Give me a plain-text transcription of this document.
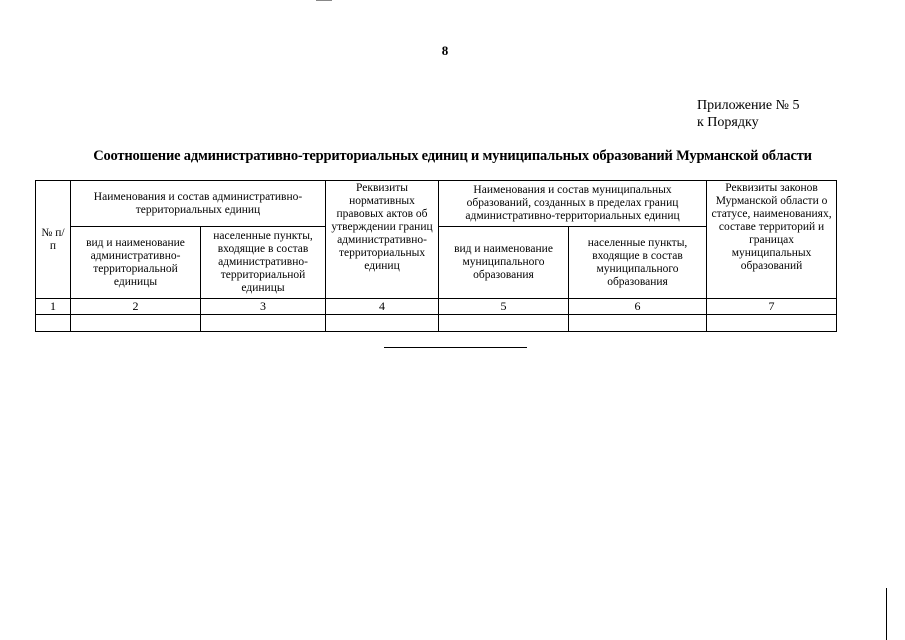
8
Приложение № 5
к Порядку
Соотношение административно-территориальных единиц и муниципальных образований Мурманской области
№ п/п	Наименования и состав административно-территориальных единиц		Реквизиты нормативных правовых актов об утверждении границ административно-территориальных единиц	Наименования и состав муниципальных образований, созданных в пределах границ административно-территориальных единиц		Реквизиты законов Мурманской области о статусе, наименованиях, составе территорий и границах муниципальных образований
	вид и наименование административно-территориальной единицы	населенные пункты, входящие в состав административно-территориальной единицы		вид и наименование муниципального образования	населенные пункты, входящие в состав муниципального образования	
1	2	3	4	5	6	7
